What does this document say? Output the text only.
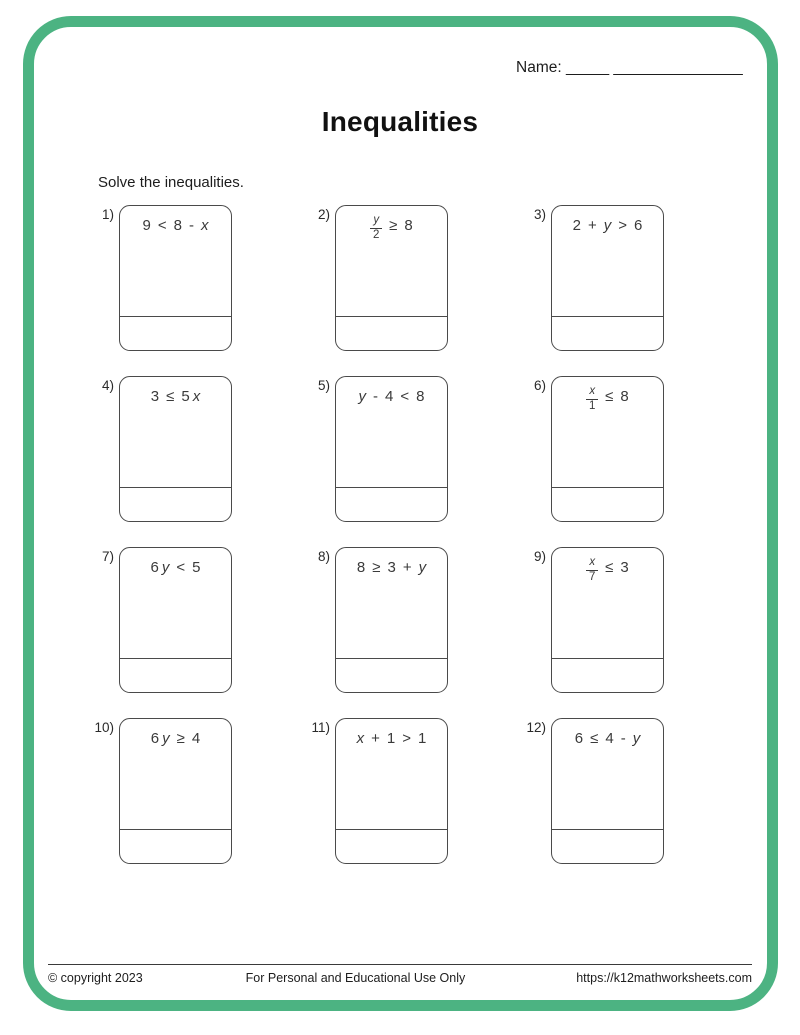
Name: _____ _______________
Inequalities
Solve the inequalities.
1)
9 < 8 - x
2)	$\frac{y}{2} \ge 8$
3)
2 + y > 6
4)
3 ≤ 5 x
5)
y - 4 < 8
6)	$\frac{x}{1} \le 8$
7)
6 y < 5
8)
8 ≥ 3 + y
9)	$\frac{x}{7} \le 3$
10)
6 y ≥ 4
11)
x + 1 > 1
12)
6 ≤ 4 - y
© copyright 2023	For Personal and Educational Use Only	https://k12mathworksheets.com
